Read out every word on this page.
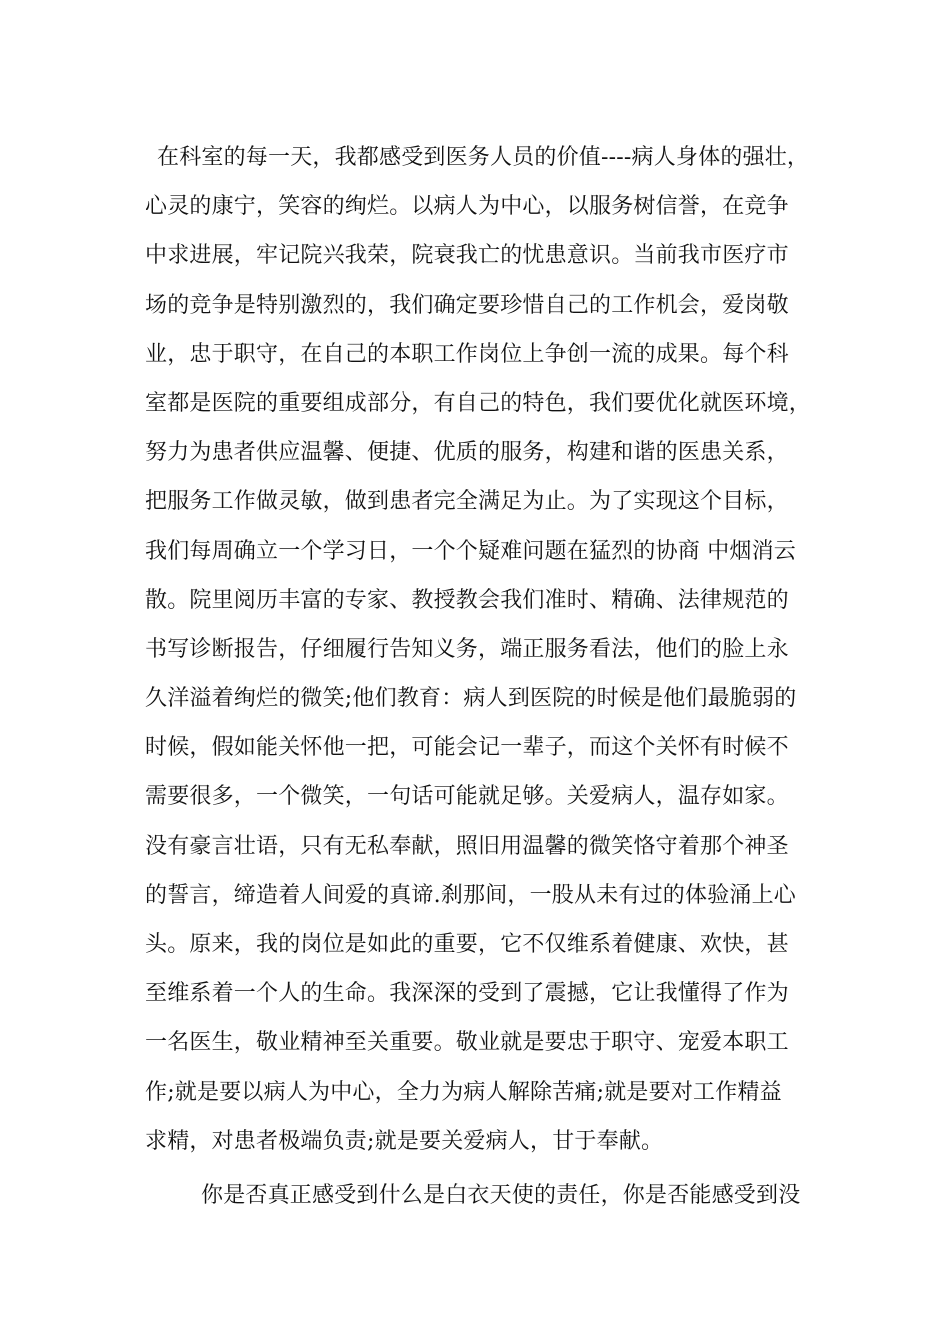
在科室的每一天，我都感受到医务人员的价值----病人身体的强壮，
心灵的康宁，笑容的绚烂。以病人为中心，以服务树信誉，在竞争
中求进展，牢记院兴我荣，院衰我亡的忧患意识。当前我市医疗市
场的竞争是特别激烈的，我们确定要珍惜自己的工作机会，爱岗敬
业，忠于职守，在自己的本职工作岗位上争创一流的成果。每个科
室都是医院的重要组成部分，有自己的特色，我们要优化就医环境，
努力为患者供应温馨、便捷、优质的服务，构建和谐的医患关系，
把服务工作做灵敏，做到患者完全满足为止。为了实现这个目标，
我们每周确立一个学习日，一个个疑难问题在猛烈的协商 中烟消云
散。院里阅历丰富的专家、教授教会我们准时、精确、法律规范的
书写诊断报告，仔细履行告知义务，端正服务看法，他们的脸上永
久洋溢着绚烂的微笑;他们教育：病人到医院的时候是他们最脆弱的
时候，假如能关怀他一把，可能会记一辈子，而这个关怀有时候不
需要很多，一个微笑，一句话可能就足够。关爱病人，温存如家。
没有豪言壮语，只有无私奉献，照旧用温馨的微笑恪守着那个神圣
的誓言，缔造着人间爱的真谛.刹那间，一股从未有过的体验涌上心
头。原来，我的岗位是如此的重要，它不仅维系着健康、欢快，甚
至维系着一个人的生命。我深深的受到了震撼，它让我懂得了作为
一名医生，敬业精神至关重要。敬业就是要忠于职守、宠爱本职工
作;就是要以病人为中心，全力为病人解除苦痛;就是要对工作精益
求精，对患者极端负责;就是要关爱病人，甘于奉献。
你是否真正感受到什么是白衣天使的责任，你是否能感受到没
